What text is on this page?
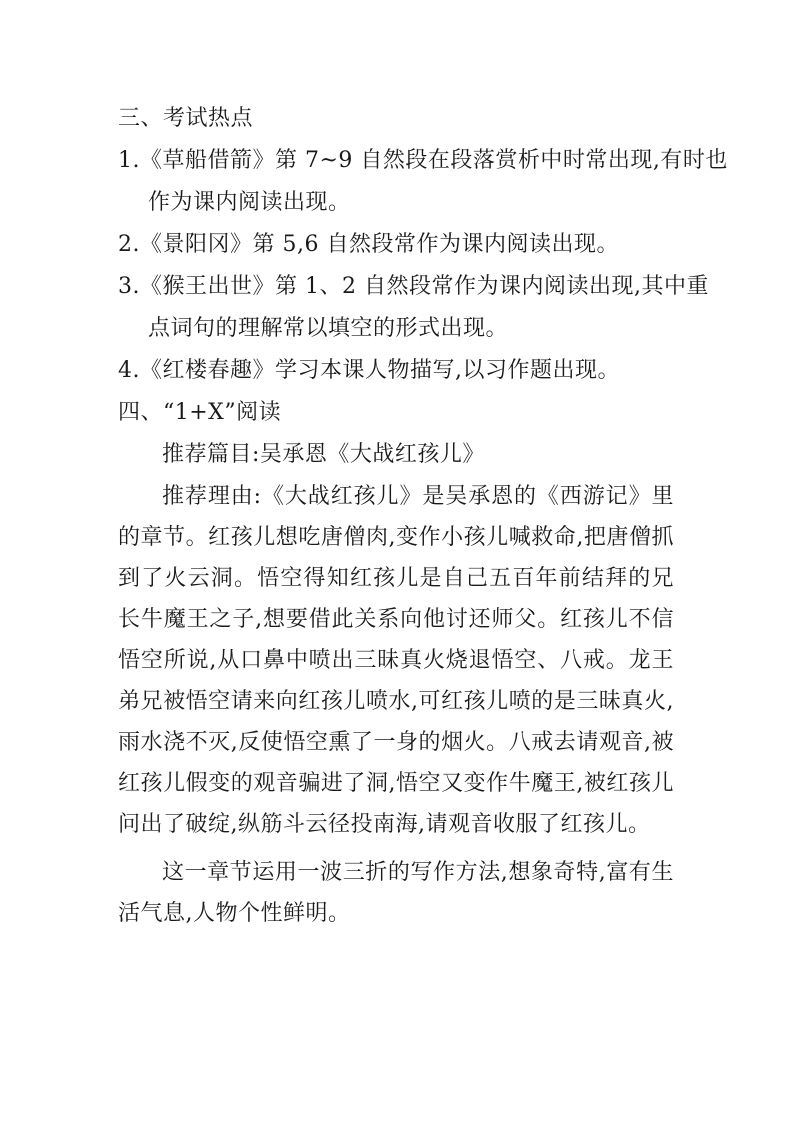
三、考试热点
1.《草船借箭》第 7~9 自然段在段落赏析中时常出现,有时也
作为课内阅读出现。
2.《景阳冈》第 5,6 自然段常作为课内阅读出现。
3.《猴王出世》第 1、2 自然段常作为课内阅读出现,其中重
点词句的理解常以填空的形式出现。
4.《红楼春趣》学习本课人物描写,以习作题出现。
四、“1+X”阅读
推荐篇目:吴承恩《大战红孩儿》
推荐理由:《大战红孩儿》是吴承恩的《西游记》里的章节。红孩儿想吃唐僧肉,变作小孩儿喊救命,把唐僧抓到了火云洞。悟空得知红孩儿是自己五百年前结拜的兄长牛魔王之子,想要借此关系向他讨还师父。红孩儿不信悟空所说,从口鼻中喷出三昧真火烧退悟空、八戒。龙王弟兄被悟空请来向红孩儿喷水,可红孩儿喷的是三昧真火,雨水浇不灭,反使悟空熏了一身的烟火。八戒去请观音,被红孩儿假变的观音骗进了洞,悟空又变作牛魔王,被红孩儿问出了破绽,纵筋斗云径投南海,请观音收服了红孩儿。
这一章节运用一波三折的写作方法,想象奇特,富有生活气息,人物个性鲜明。
